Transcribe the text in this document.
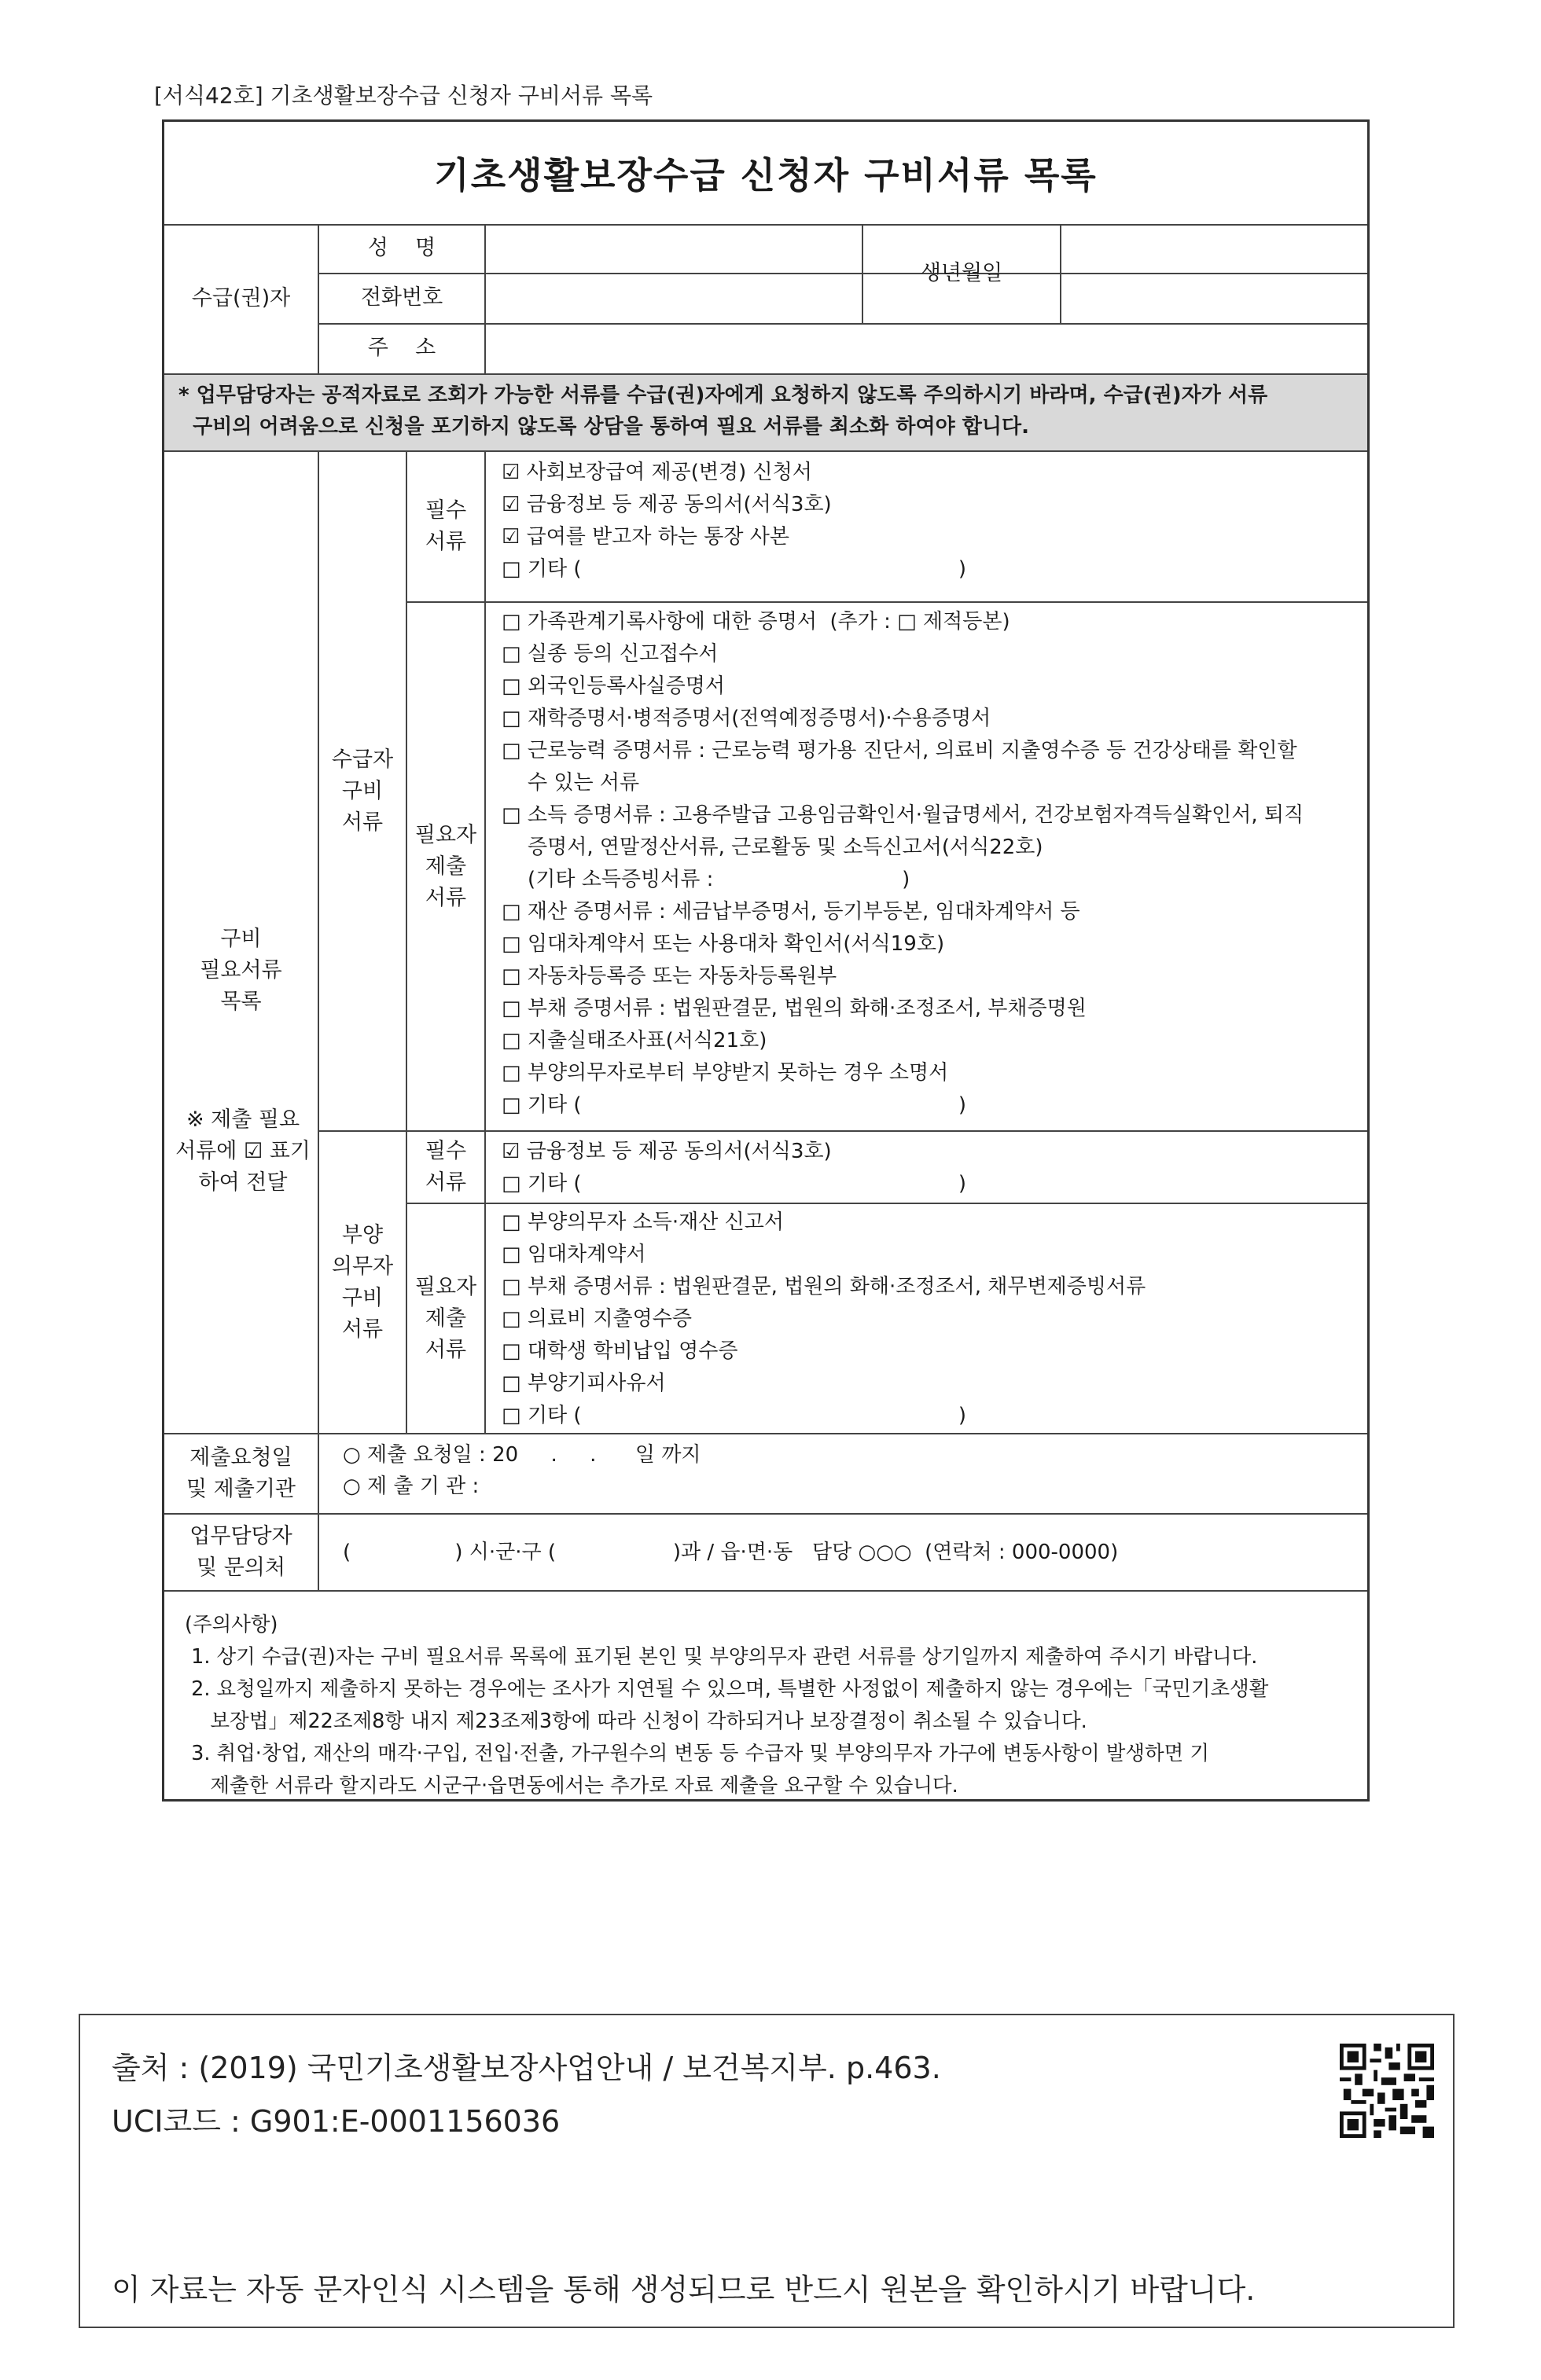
[서식42호] 기초생활보장수급 신청자 구비서류 목록
기초생활보장수급 신청자 구비서류 목록
수급(권)자
성    명
전화번호
주    소
생년월일
* 업무담당자는 공적자료로 조회가 가능한 서류를 수급(권)자에게 요청하지 않도록 주의하시기 바라며, 수급(권)자가 서류
구비의 어려움으로 신청을 포기하지 않도록 상담을 통하여 필요 서류를 최소화 하여야 합니다.
구비
필요서류
목록
※ 제출 필요
서류에 ☑ 표기
하여 전달
수급자
구비
서류
필수
서류
☑ 사회보장급여 제공(변경) 신청서
☑ 금융정보 등 제공 동의서(서식3호)
☑ 급여를 받고자 하는 통장 사본
□ 기타 (                                                          )
필요자
제출
서류
□ 가족관계기록사항에 대한 증명서  (추가 : □ 제적등본)
□ 실종 등의 신고접수서
□ 외국인등록사실증명서
□ 재학증명서·병적증명서(전역예정증명서)·수용증명서
□ 근로능력 증명서류 : 근로능력 평가용 진단서, 의료비 지출영수증 등 건강상태를 확인할
수 있는 서류
□ 소득 증명서류 : 고용주발급 고용임금확인서·월급명세서, 건강보험자격득실확인서, 퇴직
증명서, 연말정산서류, 근로활동 및 소득신고서(서식22호)
(기타 소득증빙서류 :                             )
□ 재산 증명서류 : 세금납부증명서, 등기부등본, 임대차계약서 등
□ 임대차계약서 또는 사용대차 확인서(서식19호)
□ 자동차등록증 또는 자동차등록원부
□ 부채 증명서류 : 법원판결문, 법원의 화해·조정조서, 부채증명원
□ 지출실태조사표(서식21호)
□ 부양의무자로부터 부양받지 못하는 경우 소명서
□ 기타 (                                                          )
부양
의무자
구비
서류
필수
서류
☑ 금융정보 등 제공 동의서(서식3호)
□ 기타 (                                                          )
필요자
제출
서류
□ 부양의무자 소득·재산 신고서
□ 임대차계약서
□ 부채 증명서류 : 법원판결문, 법원의 화해·조정조서, 채무변제증빙서류
□ 의료비 지출영수증
□ 대학생 학비납입 영수증
□ 부양기피사유서
□ 기타 (                                                          )
제출요청일
및 제출기관
○ 제출 요청일 : 20     .     .      일 까지
○ 제 출 기 관 :
업무담당자
및 문의처
(                ) 시·군·구 (                  )과 / 읍·면·동   담당 ○○○  (연락처 : 000-0000)
(주의사항)
1. 상기 수급(권)자는 구비 필요서류 목록에 표기된 본인 및 부양의무자 관련 서류를 상기일까지 제출하여 주시기 바랍니다.
2. 요청일까지 제출하지 못하는 경우에는 조사가 지연될 수 있으며, 특별한 사정없이 제출하지 않는 경우에는「국민기초생활
보장법」제22조제8항 내지 제23조제3항에 따라 신청이 각하되거나 보장결정이 취소될 수 있습니다.
3. 취업·창업, 재산의 매각·구입, 전입·전출, 가구원수의 변동 등 수급자 및 부양의무자 가구에 변동사항이 발생하면 기
제출한 서류라 할지라도 시군구·읍면동에서는 추가로 자료 제출을 요구할 수 있습니다.
출처 : (2019) 국민기초생활보장사업안내 / 보건복지부. p.463.
UCI코드 : G901:E-0001156036
이 자료는 자동 문자인식 시스템을 통해 생성되므로 반드시 원본을 확인하시기 바랍니다.
